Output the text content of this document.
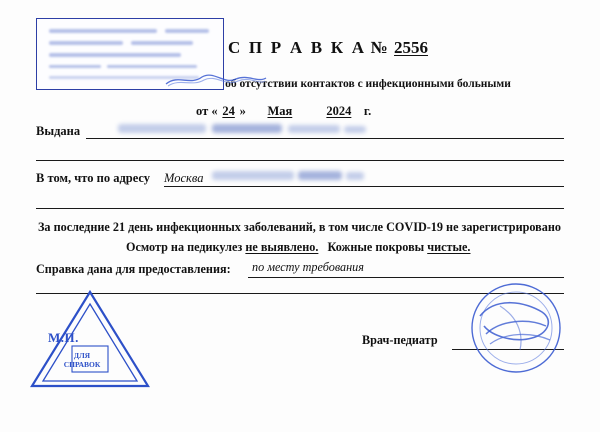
С П Р А В К А № 2556
об отсутствии контактов с инфекционными больными
от « 24 » Мая	2024 г.
Выдана
В том, что по адресу Москва
За последние 21 день инфекционных заболеваний, в том числе COVID-19 не зарегистрировано
Осмотр на педикулез не выявлено. Кожные покровы чистые.
Справка дана для предоставления: по месту требования
М.П.
ДЛЯ
СПРАВОК
Врач-педиатр
